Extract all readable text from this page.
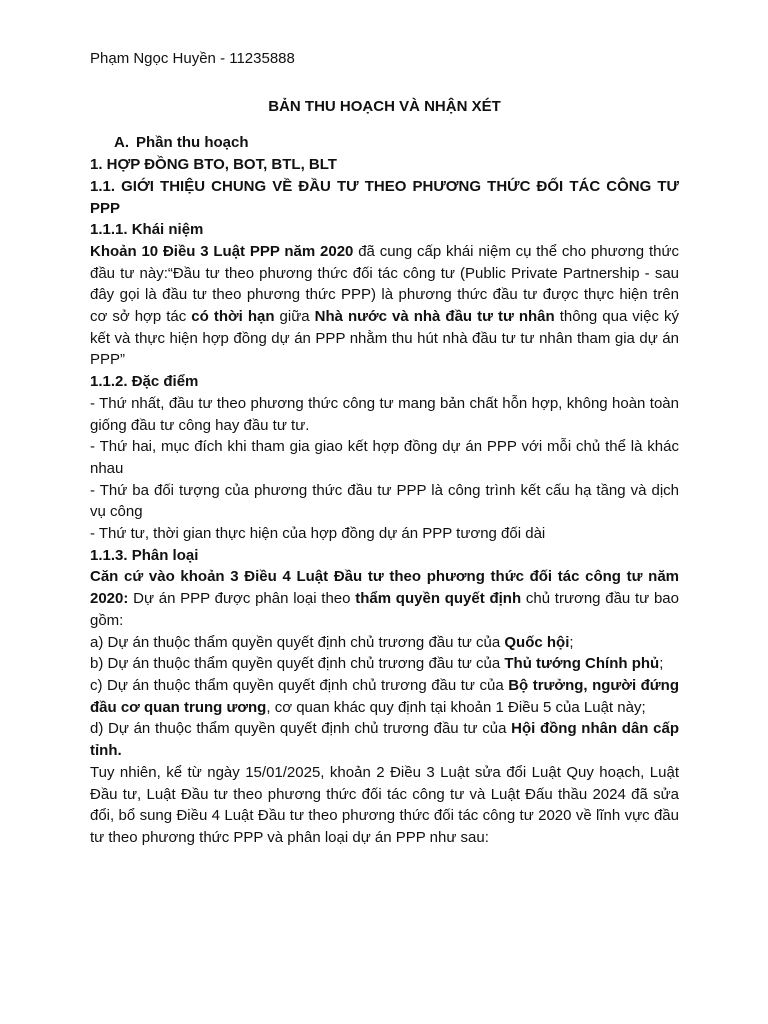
Phạm Ngọc Huyền - 11235888

BẢN THU HOẠCH VÀ NHẬN XÉT

A. Phần thu hoạch

1. HỢP ĐỒNG BTO, BOT, BTL, BLT

1.1. GIỚI THIỆU CHUNG VỀ ĐẦU TƯ THEO PHƯƠNG THỨC ĐỐI TÁC CÔNG TƯ PPP

1.1.1. Khái niệm

Khoản 10 Điều 3 Luật PPP năm 2020 đã cung cấp khái niệm cụ thể cho phương thức đầu tư này:“Đầu tư theo phương thức đối tác công tư (Public Private Partnership - sau đây gọi là đầu tư theo phương thức PPP) là phương thức đầu tư được thực hiện trên cơ sở hợp tác có thời hạn giữa Nhà nước và nhà đầu tư tư nhân thông qua việc ký kết và thực hiện hợp đồng dự án PPP nhằm thu hút nhà đầu tư tư nhân tham gia dự án PPP”

1.1.2. Đặc điểm

- Thứ nhất, đầu tư theo phương thức công tư mang bản chất hỗn hợp, không hoàn toàn giống đầu tư công hay đầu tư tư.

- Thứ hai, mục đích khi tham gia giao kết hợp đồng dự án PPP với mỗi chủ thể là khác nhau

- Thứ ba đối tượng của phương thức đầu tư PPP là công trình kết cấu hạ tầng và dịch vụ công

- Thứ tư, thời gian thực hiện của hợp đồng dự án PPP tương đối dài

1.1.3. Phân loại

Căn cứ vào khoản 3 Điều 4 Luật Đầu tư theo phương thức đối tác công tư năm 2020: Dự án PPP được phân loại theo thẩm quyền quyết định chủ trương đầu tư bao gồm:

a) Dự án thuộc thẩm quyền quyết định chủ trương đầu tư của Quốc hội;

b) Dự án thuộc thẩm quyền quyết định chủ trương đầu tư của Thủ tướng Chính phủ;

c) Dự án thuộc thẩm quyền quyết định chủ trương đầu tư của Bộ trưởng, người đứng đầu cơ quan trung ương, cơ quan khác quy định tại khoản 1 Điều 5 của Luật này;

d) Dự án thuộc thẩm quyền quyết định chủ trương đầu tư của Hội đồng nhân dân cấp tỉnh.

Tuy nhiên, kể từ ngày 15/01/2025, khoản 2 Điều 3 Luật sửa đổi Luật Quy hoạch, Luật Đầu tư, Luật Đầu tư theo phương thức đối tác công tư và Luật Đấu thầu 2024 đã sửa đổi, bổ sung Điều 4 Luật Đầu tư theo phương thức đối tác công tư 2020 về lĩnh vực đầu tư theo phương thức PPP và phân loại dự án PPP như sau:
